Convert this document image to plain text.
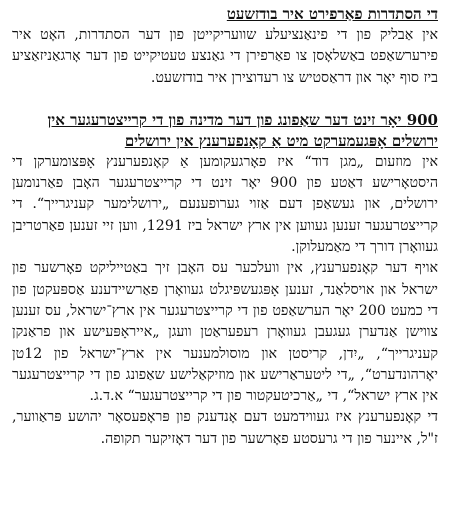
די הסתדרות פאַרפירט איר בודזשעט

אין אַבליק פון די פינאַנציעלע שוועריקייטן פון דער הסתדרות, האָט איר פירערשאַפט באַשלאָסן צו פאַרפירן די גאַנצע טעטיקייט פון דער אָרגאַניזאַציע ביז סוף יאָר און דראַסטיש צו רעדוצירן איר בודזשעט.

900 יאָר זינט דער שאַפונג פון דער מדינה פון די קרייצטרעגער אין ירושלים אָפּגעמערקט מיט אַ קאָנפערענץ אין ירושלים

אין מוזעום „מגן דוד“ איז פאָרגעקומען אַ קאָנפערענץ אָפּצומערקן די היסטאָרישע דאַטע פון 900 יאָר זינט די קרייצטרעגער האָבן פאַרנומען ירושלים, און געשאַפן דעם אַזוי גערופענעם „ירושלימער קעניגרייך“. די קרייצטרעגער זענען געווען אין ארץ ישראל ביז 1291, ווען זיי זענען פאַרטריבן געוואָרן דורך די מאַמעלוקן.

אויף דער קאָנפערענץ, אין וועלכער עס האָבן זיך באַטייליקט פאָרשער פון ישראל און אויסלאַנד, זענען אָפּגעשפּיגלט געוואָרן פאַרשיידענע אַספּעקטן פון די כמעט 200 יאָר הערשאַפט פון די קרייצטרעגער אין ארץ־ישראל, עס זענען צווישן אַנדערן געגעבן געוואָרן רעפעראַטן וועגן „אייראָפּעישע און פראַנקן קעניגרייך“, „יִדן, קריסטן און מוסולמענער אין ארץ־ישראל פון 12טן יאָרהונדערט“, „די ליטעראַרישע און מוזיקאַלישע שאַפונג פון די קרייצטרעגער אין ארץ ישראל“, די „אַרכיטעקטור פון די קרייצטרעגער“ א.ד.ג.

די קאָנפערענץ איז געווידמעט דעם אָנדענק פון פּראָפעסאָר יהושע פּראַווער, ז"ל, איינער פון די גרעסטע פאָרשער פון דער דאָזיקער תקופה.
